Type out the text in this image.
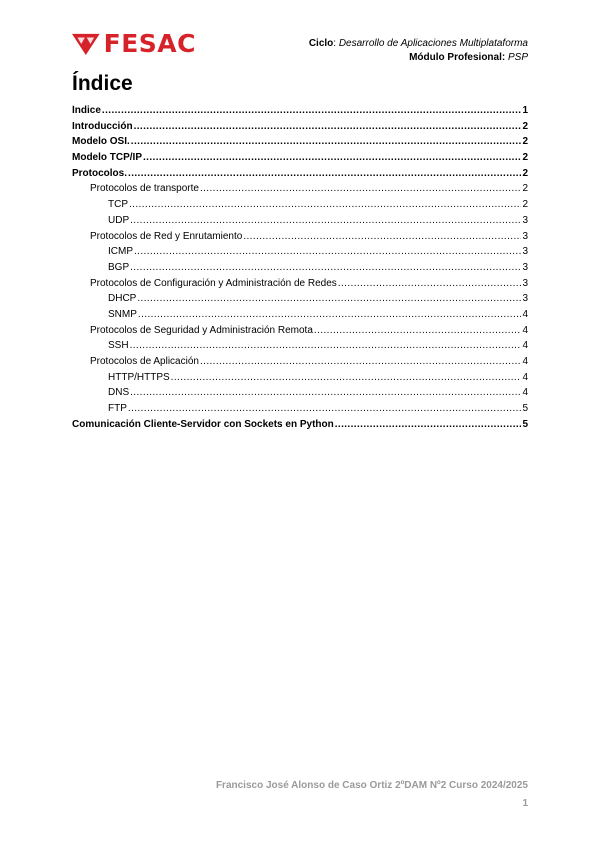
FESAC	Ciclo: Desarrollo de Aplicaciones Multiplataforma
Módulo Profesional: PSP
Índice
Índice .....	1
Introducción .....	2
Modelo OSI. .....	2
Modelo TCP/IP .....	2
Protocolos. .....	2
Protocolos de transporte .....	2
TCP .....	2
UDP .....	3
Protocolos de Red y Enrutamiento .....	3
ICMP .....	3
BGP .....	3
Protocolos de Configuración y Administración de Redes .....	3
DHCP .....	3
SNMP .....	4
Protocolos de Seguridad y Administración Remota .....	4
SSH .....	4
Protocolos de Aplicación .....	4
HTTP/HTTPS .....	4
DNS .....	4
FTP .....	5
Comunicación Cliente-Servidor con Sockets en Python .....	5
Francisco José Alonso de Caso Ortiz 2ºDAM Nº2 Curso 2024/2025
1
